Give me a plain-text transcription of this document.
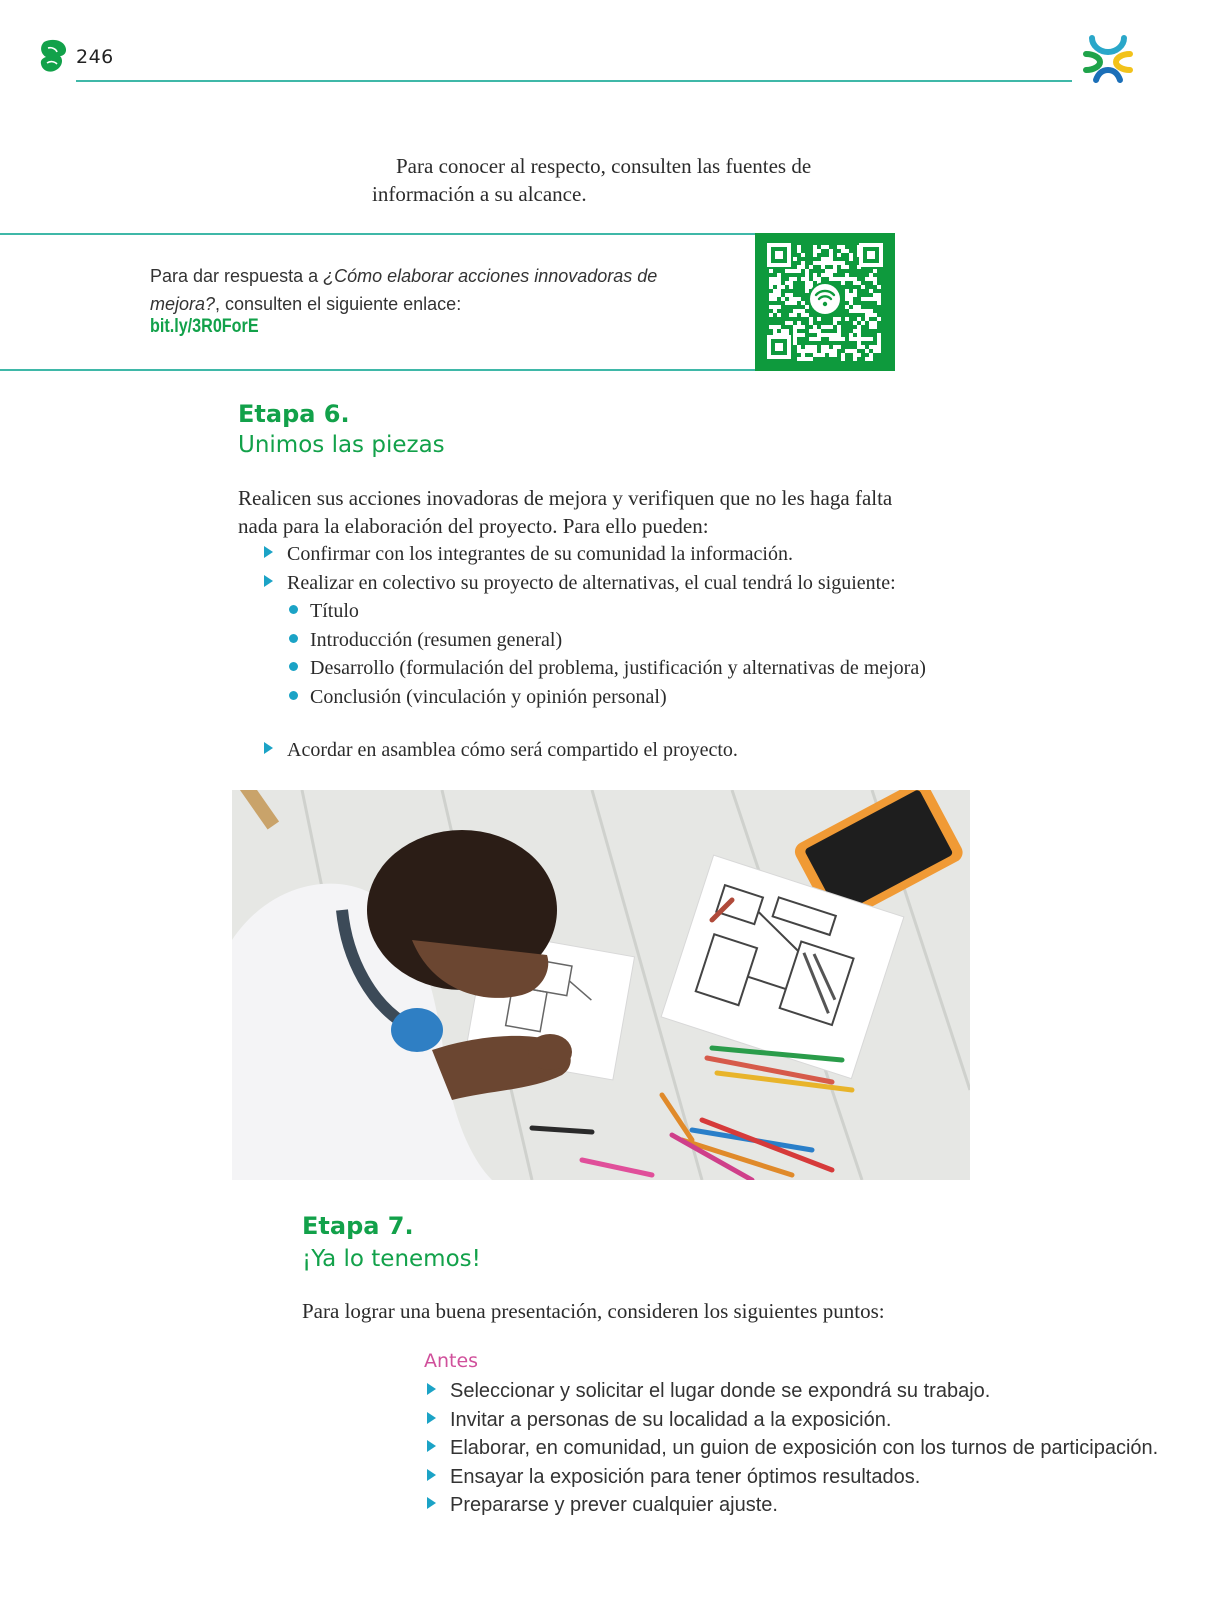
246
Para conocer al respecto, consulten las fuentes de
información a su alcance.
Para dar respuesta a ¿Cómo elaborar acciones innovadoras de mejora?, consulten el siguiente enlace:
bit.ly/3R0ForE
Etapa 6.
Unimos las piezas
Realicen sus acciones inovadoras de mejora y verifiquen que no les haga falta
nada para la elaboración del proyecto. Para ello pueden:
Confirmar con los integrantes de su comunidad la información.
Realizar en colectivo su proyecto de alternativas, el cual tendrá lo siguiente:
Título
Introducción (resumen general)
Desarrollo (formulación del problema, justificación y alternativas de mejora)
Conclusión (vinculación y opinión personal)
Acordar en asamblea cómo será compartido el proyecto.
Etapa 7.
¡Ya lo tenemos!
Para lograr una buena presentación, consideren los siguientes puntos:
Antes
Seleccionar y solicitar el lugar donde se expondrá su trabajo.
Invitar a personas de su localidad a la exposición.
Elaborar, en comunidad, un guion de exposición con los turnos de participación.
Ensayar la exposición para tener óptimos resultados.
Prepararse y prever cualquier ajuste.
